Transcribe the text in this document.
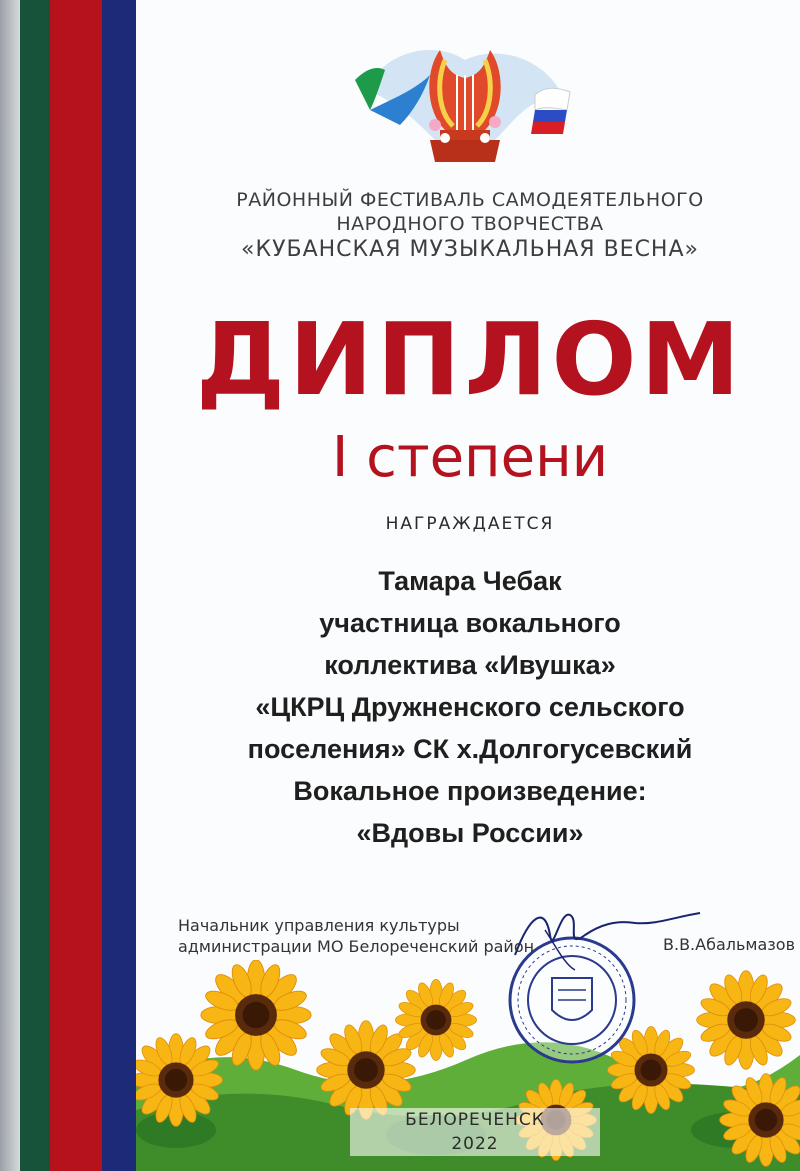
РАЙОННЫЙ ФЕСТИВАЛЬ САМОДЕЯТЕЛЬНОГО
НАРОДНОГО ТВОРЧЕСТВА
«КУБАНСКАЯ МУЗЫКАЛЬНАЯ ВЕСНА»
ДИПЛОМ
I степени
НАГРАЖДАЕТСЯ
Тамара Чебак
участница вокального
коллектива «Ивушка»
«ЦКРЦ Дружненского сельского
поселения» СК х.Долгогусевский
Вокальное произведение:
«Вдовы России»
Начальник управления культуры
администрации МО Белореченский район	В.В.Абальмазов
БЕЛОРЕЧЕНСК
2022
